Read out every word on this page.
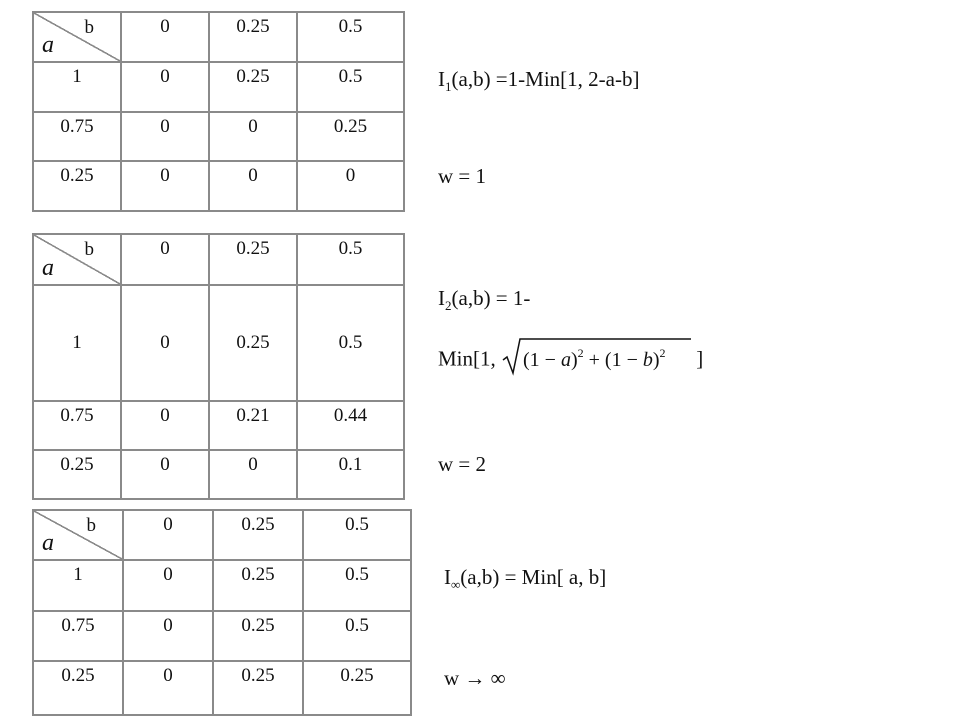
b
a	0	0.25	0.5
1	0	0.25	0.5
0.75	0	0	0.25
0.25	0	0	0
$I_1(a,b) =1-Min[1$, 2-a-b]
w = 1
b
a	0	0.25	0.5
1	0	0.25	0.5
0.75	0	0.21	0.44
0.25	0	0	0.1
$I_2(a,b) = 1-$
Min[1, $(1 - a)^2 + (1 - b)^2$ ]
w = 2
b
a	0	0.25	0.5
1	0	0.25	0.5
0.75	0	0.25	0.5
0.25	0	0.25	0.25
$I_\infty(a,b) = Min$[ a, b]
w → ∞
